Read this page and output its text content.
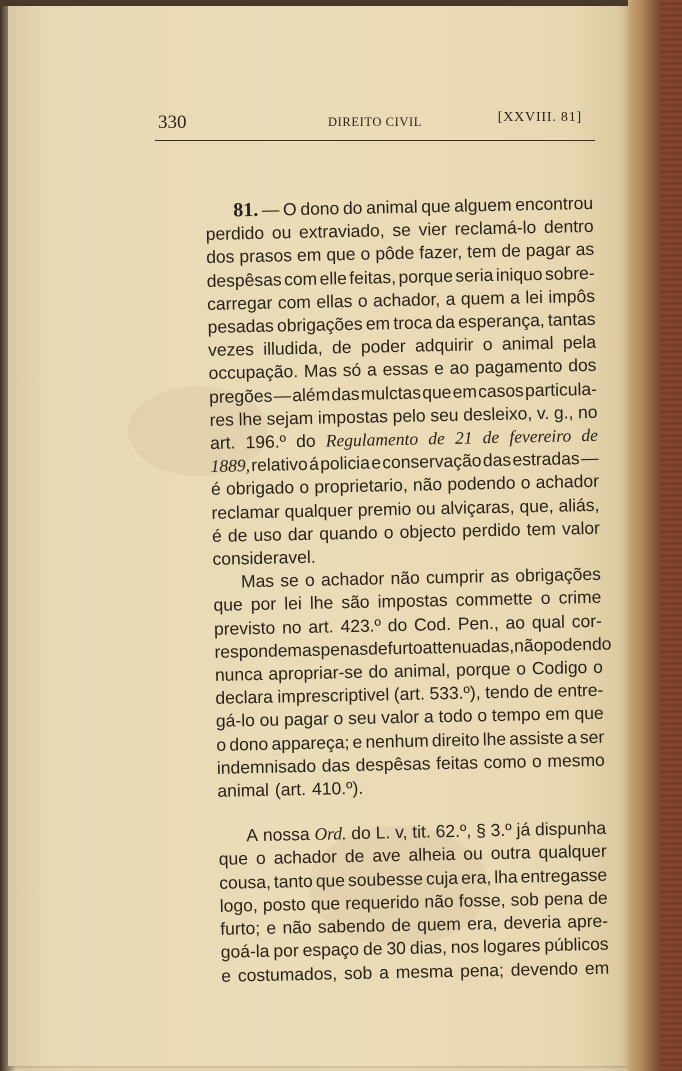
330	DIREITO CIVIL	[XXVIII. 81]
81. — O dono do animal que alguem encontrou
perdido ou extraviado, se vier reclamá-lo dentro
dos prasos em que o pôde fazer, tem de pagar as
despêsas com elle feitas, porque seria iniquo sobre-
carregar com ellas o achador, a quem a lei impôs
pesadas obrigações em troca da esperança, tantas
vezes illudida, de poder adquirir o animal pela
occupação. Mas só a essas e ao pagamento dos
pregões — além das mulctas que em casos particula-
res lhe sejam impostas pelo seu desleixo, v. g., no
art. 196.º do Regulamento de 21 de fevereiro de
1889, relativo á policia e conservação das estradas —
é obrigado o proprietario, não podendo o achador
reclamar qualquer premio ou alviçaras, que, aliás,
é de uso dar quando o objecto perdido tem valor
consideravel.
Mas se o achador não cumprir as obrigações
que por lei lhe são impostas commette o crime
previsto no art. 423.º do Cod. Pen., ao qual cor-
respondem as penas de furto attenuadas, não podendo
nunca apropriar-se do animal, porque o Codigo o
declara imprescriptivel (art. 533.º), tendo de entre-
gá-lo ou pagar o seu valor a todo o tempo em que
o dono appareça; e nenhum direito lhe assiste a ser
indemnisado das despêsas feitas como o mesmo
animal (art. 410.º).
A nossa Ord. do L. v, tit. 62.º, § 3.º já dispunha
que o achador de ave alheia ou outra qualquer
cousa, tanto que soubesse cuja era, lha entregasse
logo, posto que requerido não fosse, sob pena de
furto; e não sabendo de quem era, deveria apre-
goá-la por espaço de 30 dias, nos logares públicos
e costumados, sob a mesma pena; devendo em
